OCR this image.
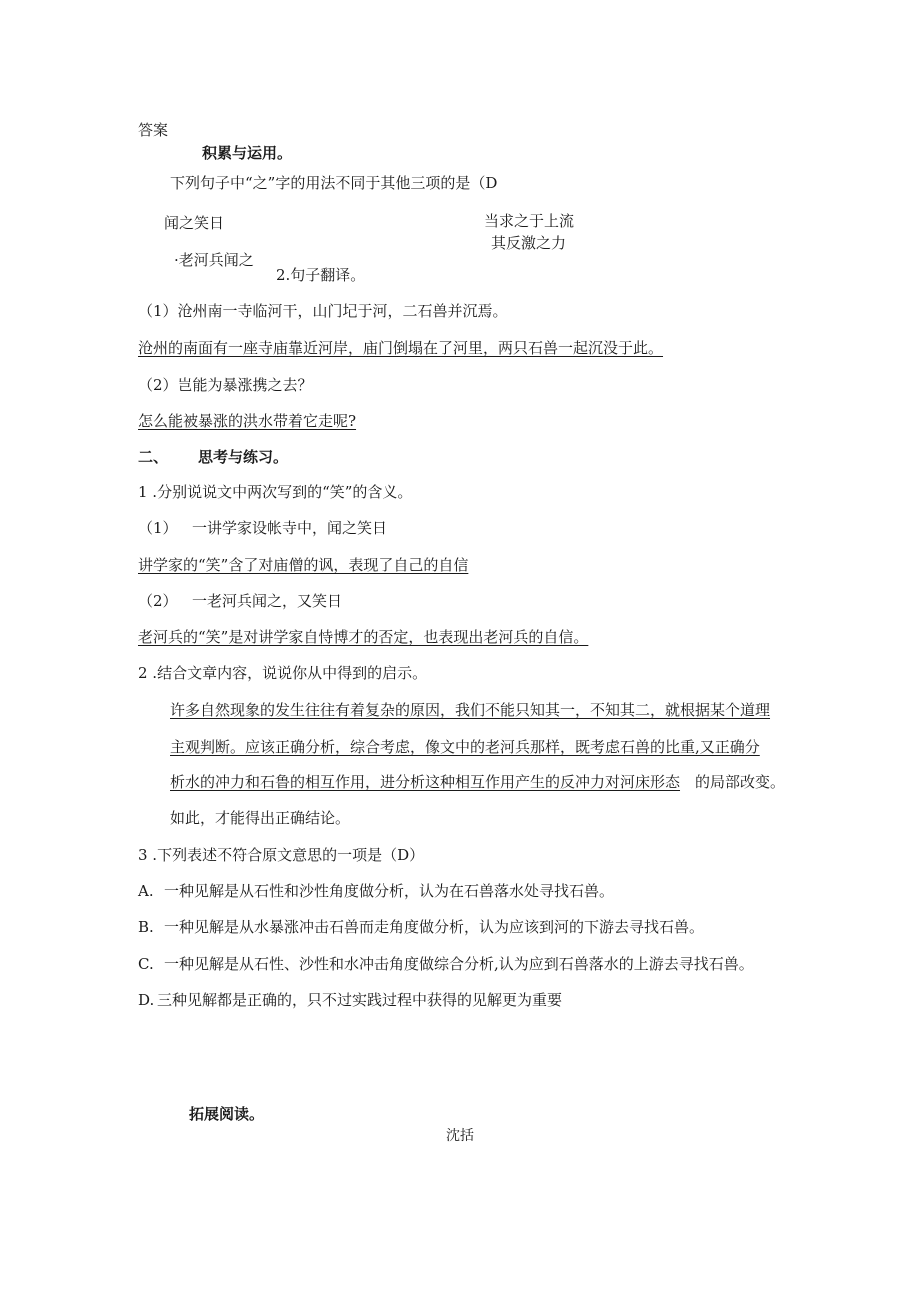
答案
积累与运用。
下列句子中“之”字的用法不同于其他三项的是（D
闻之笑日	当求之于上流
其反激之力
·老河兵闻之
2.句子翻译。
（1）沧州南一寺临河干，山门圮于河，二石兽并沉焉。
沧州的南面有一座寺庙靠近河岸，庙门倒塌在了河里，两只石兽一起沉没于此。
（2）岂能为暴涨携之去？
怎么能被暴涨的洪水带着它走呢?
二、 思考与练习。
1 .分别说说文中两次写到的“笑”的含义。
（1） 一讲学家设帐寺中，闻之笑日
讲学家的“笑”含了对庙僧的讽，表现了自己的自信
（2） 一老河兵闻之，又笑日
老河兵的“笑”是对讲学家自恃博才的否定，也表现出老河兵的自信。
2 .结合文章内容，说说你从中得到的启示。
许多自然现象的发生往往有着复杂的原因，我们不能只知其一，不知其二，就根据某个道理
主观判断。应该正确分析，综合考虑，像文中的老河兵那样，既考虑石兽的比重,又正确分
析水的冲力和石鲁的相互作用，进分析这种相互作用产生的反冲力对河床形态 的局部改变。
如此，才能得出正确结论。
3 .下列表述不符合原文意思的一项是（D）
A. 一种见解是从石性和沙性角度做分析，认为在石兽落水处寻找石兽。
B. 一种见解是从水暴涨冲击石兽而走角度做分析，认为应该到河的下游去寻找石兽。
C. 一种见解是从石性、沙性和水冲击角度做综合分析,认为应到石兽落水的上游去寻找石兽。
D. 三种见解都是正确的，只不过实践过程中获得的见解更为重要
拓展阅读。
沈括
